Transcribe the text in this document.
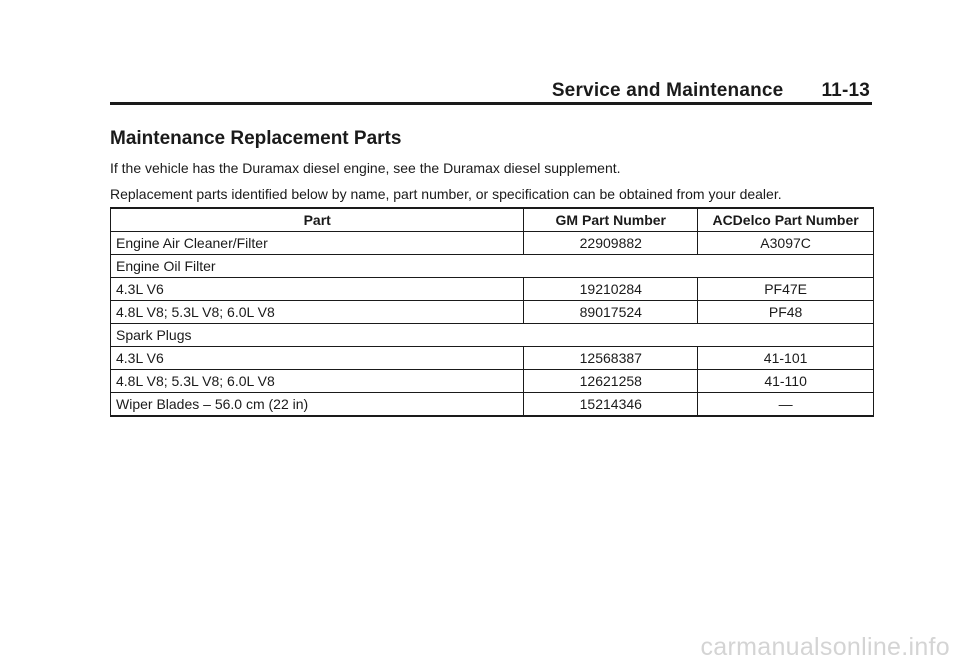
Service and Maintenance 11-13
Maintenance Replacement Parts
If the vehicle has the Duramax diesel engine, see the Duramax diesel supplement.
Replacement parts identified below by name, part number, or specification can be obtained from your dealer.
Part	GM Part Number	ACDelco Part Number
Engine Air Cleaner/Filter	22909882	A3097C
Engine Oil Filter		
4.3L V6	19210284	PF47E
4.8L V8; 5.3L V8; 6.0L V8	89017524	PF48
Spark Plugs		
4.3L V6	12568387	41-101
4.8L V8; 5.3L V8; 6.0L V8	12621258	41-110
Wiper Blades – 56.0 cm (22 in)	15214346	—
carmanualsonline.info
